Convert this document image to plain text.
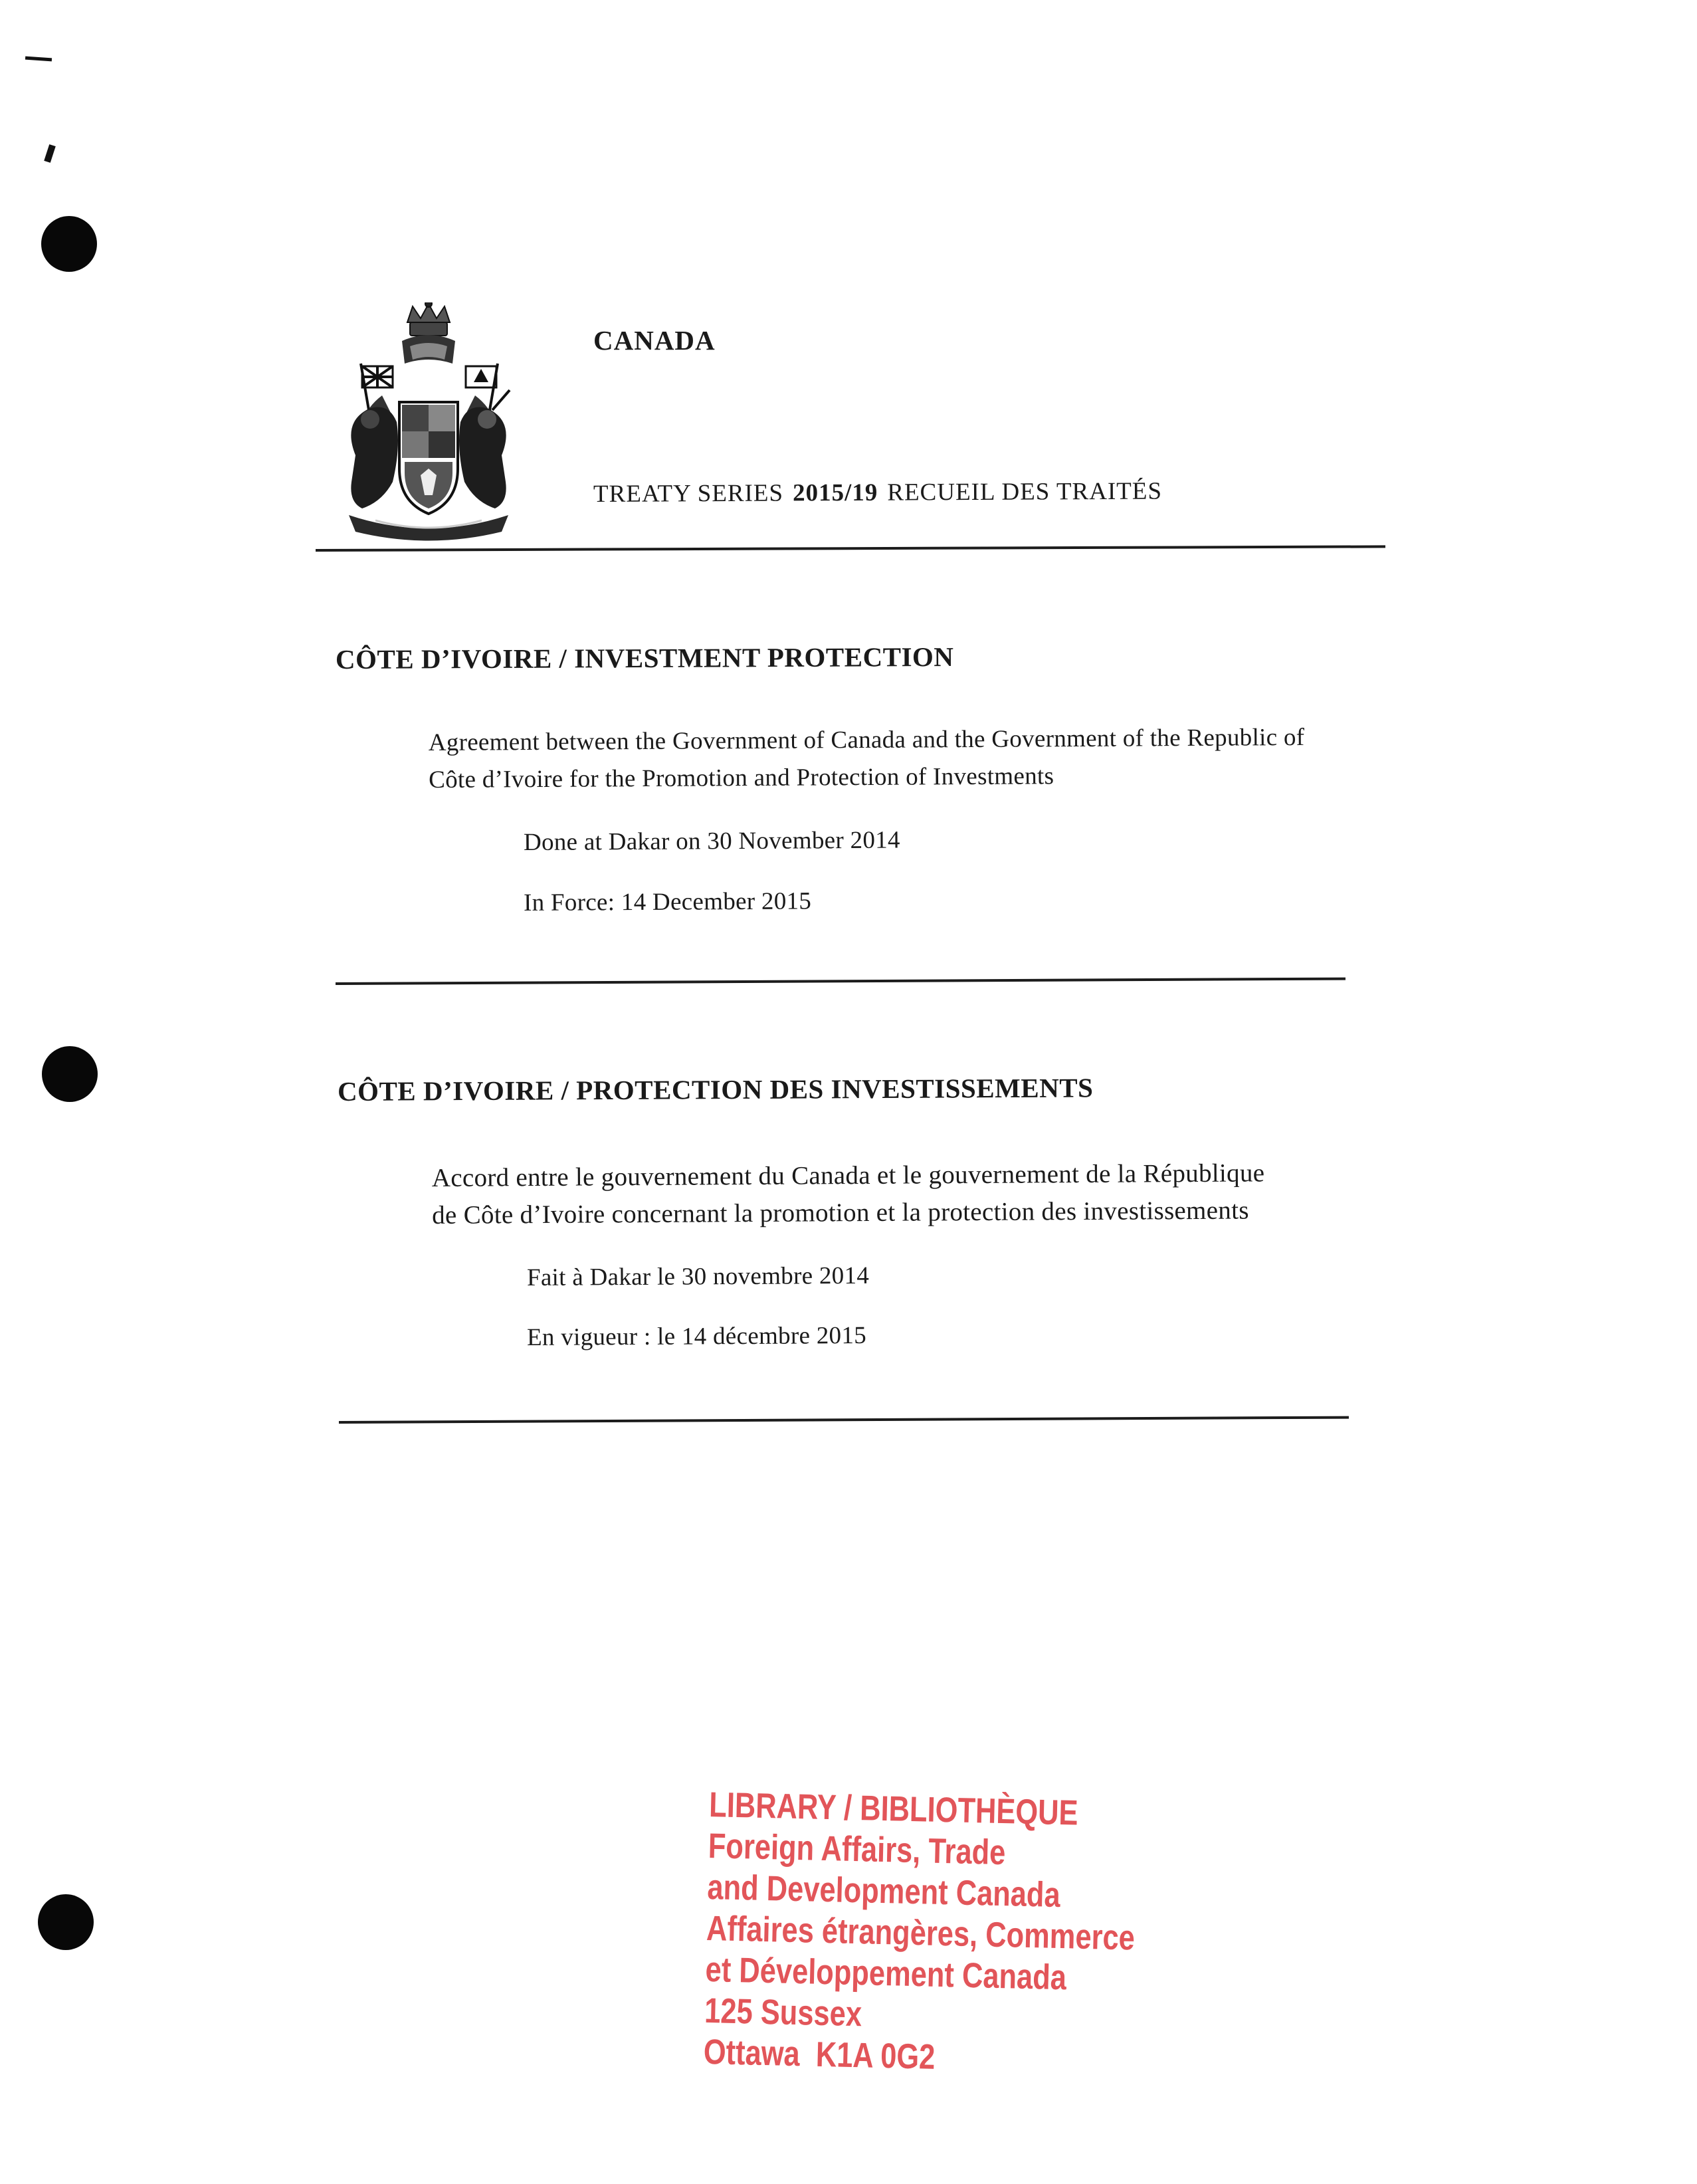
CANADA
TREATY SERIES 2015/19 RECUEIL DES TRAITÉS
CÔTE D’IVOIRE / INVESTMENT PROTECTION
Agreement between the Government of Canada and the Government of the Republic of
Côte d’Ivoire for the Promotion and Protection of Investments
Done at Dakar on 30 November 2014
In Force: 14 December 2015
CÔTE D’IVOIRE / PROTECTION DES INVESTISSEMENTS
Accord entre le gouvernement du Canada et le gouvernement de la République
de Côte d’Ivoire concernant la promotion et la protection des investissements
Fait à Dakar le 30 novembre 2014
En vigueur : le 14 décembre 2015
LIBRARY / BIBLIOTHÈQUE
Foreign Affairs, Trade
and Development Canada
Affaires étrangères, Commerce
et Développement Canada
125 Sussex
Ottawa  K1A 0G2
